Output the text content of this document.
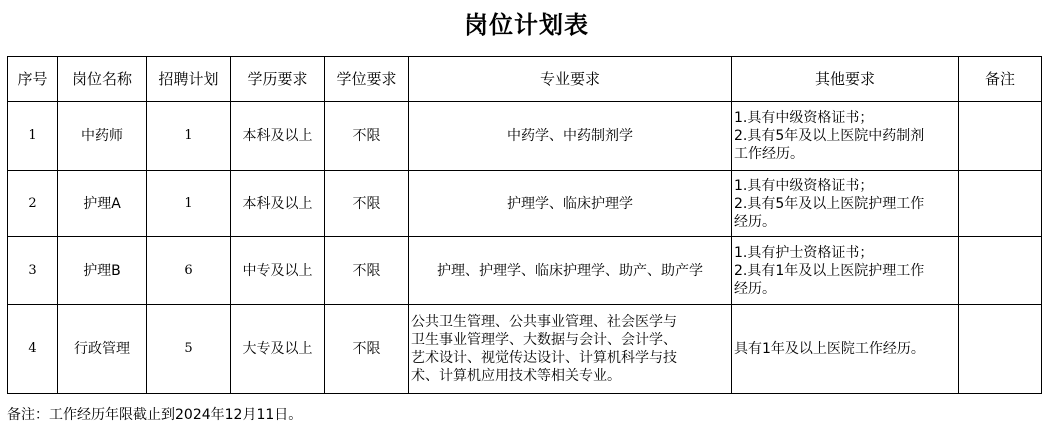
岗位计划表
序号	岗位名称	招聘计划	学历要求	学位要求	专业要求	其他要求	备注
1	中药师	1	本科及以上	不限	中药学、中药制剂学	1.具有中级资格证书；
2.具有5年及以上医院中药制剂
工作经历。	

2	护理A	1	本科及以上	不限	护理学、临床护理学	1.具有中级资格证书；
2.具有5年及以上医院护理工作
经历。	

3	护理B	6	中专及以上	不限	护理、护理学、临床护理学、助产、助产学	1.具有护士资格证书；
2.具有1年及以上医院护理工作
经历。	

4	行政管理	5	大专及以上	不限	公共卫生管理、公共事业管理、社会医学与
卫生事业管理学、大数据与会计、会计学、
艺术设计、视觉传达设计、计算机科学与技
术、计算机应用技术等相关专业。	具有1年及以上医院工作经历。	

备注：工作经历年限截止到2024年12月11日。
